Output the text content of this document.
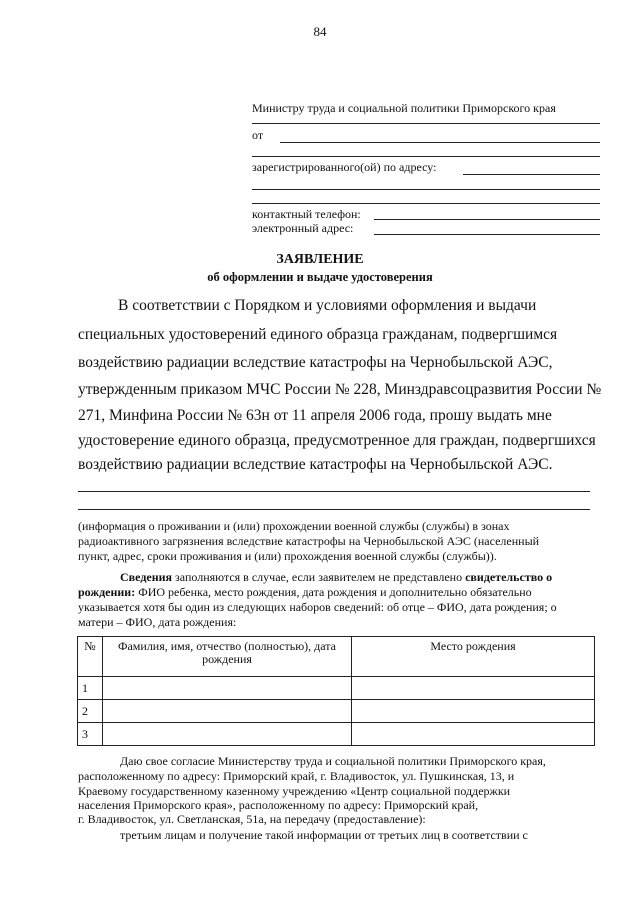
84
Министру труда и социальной политики Приморского края
от
зарегистрированного(ой) по адресу:
контактный телефон:
электронный адрес:
ЗАЯВЛЕНИЕ
об оформлении и выдаче удостоверения
В соответствии с Порядком и условиями оформления и выдачи
специальных удостоверений единого образца гражданам, подвергшимся
воздействию радиации вследствие катастрофы на Чернобыльской АЭС,
утвержденным приказом МЧС России № 228, Минздравсоцразвития России №
271, Минфина России № 63н от 11 апреля 2006 года, прошу выдать мне
удостоверение единого образца, предусмотренное для граждан, подвергшихся
воздействию радиации вследствие катастрофы на Чернобыльской АЭС.
(информация о проживании и (или) прохождении военной службы (службы) в зонах
радиоактивного загрязнения вследствие катастрофы на Чернобыльской АЭС (населенный
пункт, адрес, сроки проживания и (или) прохождения военной службы (службы)).
Сведения заполняются в случае, если заявителем не представлено свидетельство о
рождении: ФИО ребенка, место рождения, дата рождения и дополнительно обязательно
указывается хотя бы один из следующих наборов сведений: об отце – ФИО, дата рождения; о
матери – ФИО, дата рождения:
№	Фамилия, имя, отчество (полностью), дата рождения	Место рождения
1		
2		
3		
Даю свое согласие Министерству труда и социальной политики Приморского края,
расположенному по адресу: Приморский край, г. Владивосток, ул. Пушкинская, 13, и
Краевому государственному казенному учреждению «Центр социальной поддержки
населения Приморского края», расположенному по адресу: Приморский край,
г. Владивосток, ул. Светланская, 51а, на передачу (предоставление):
третьим лицам и получение такой информации от третьих лиц в соответствии с
